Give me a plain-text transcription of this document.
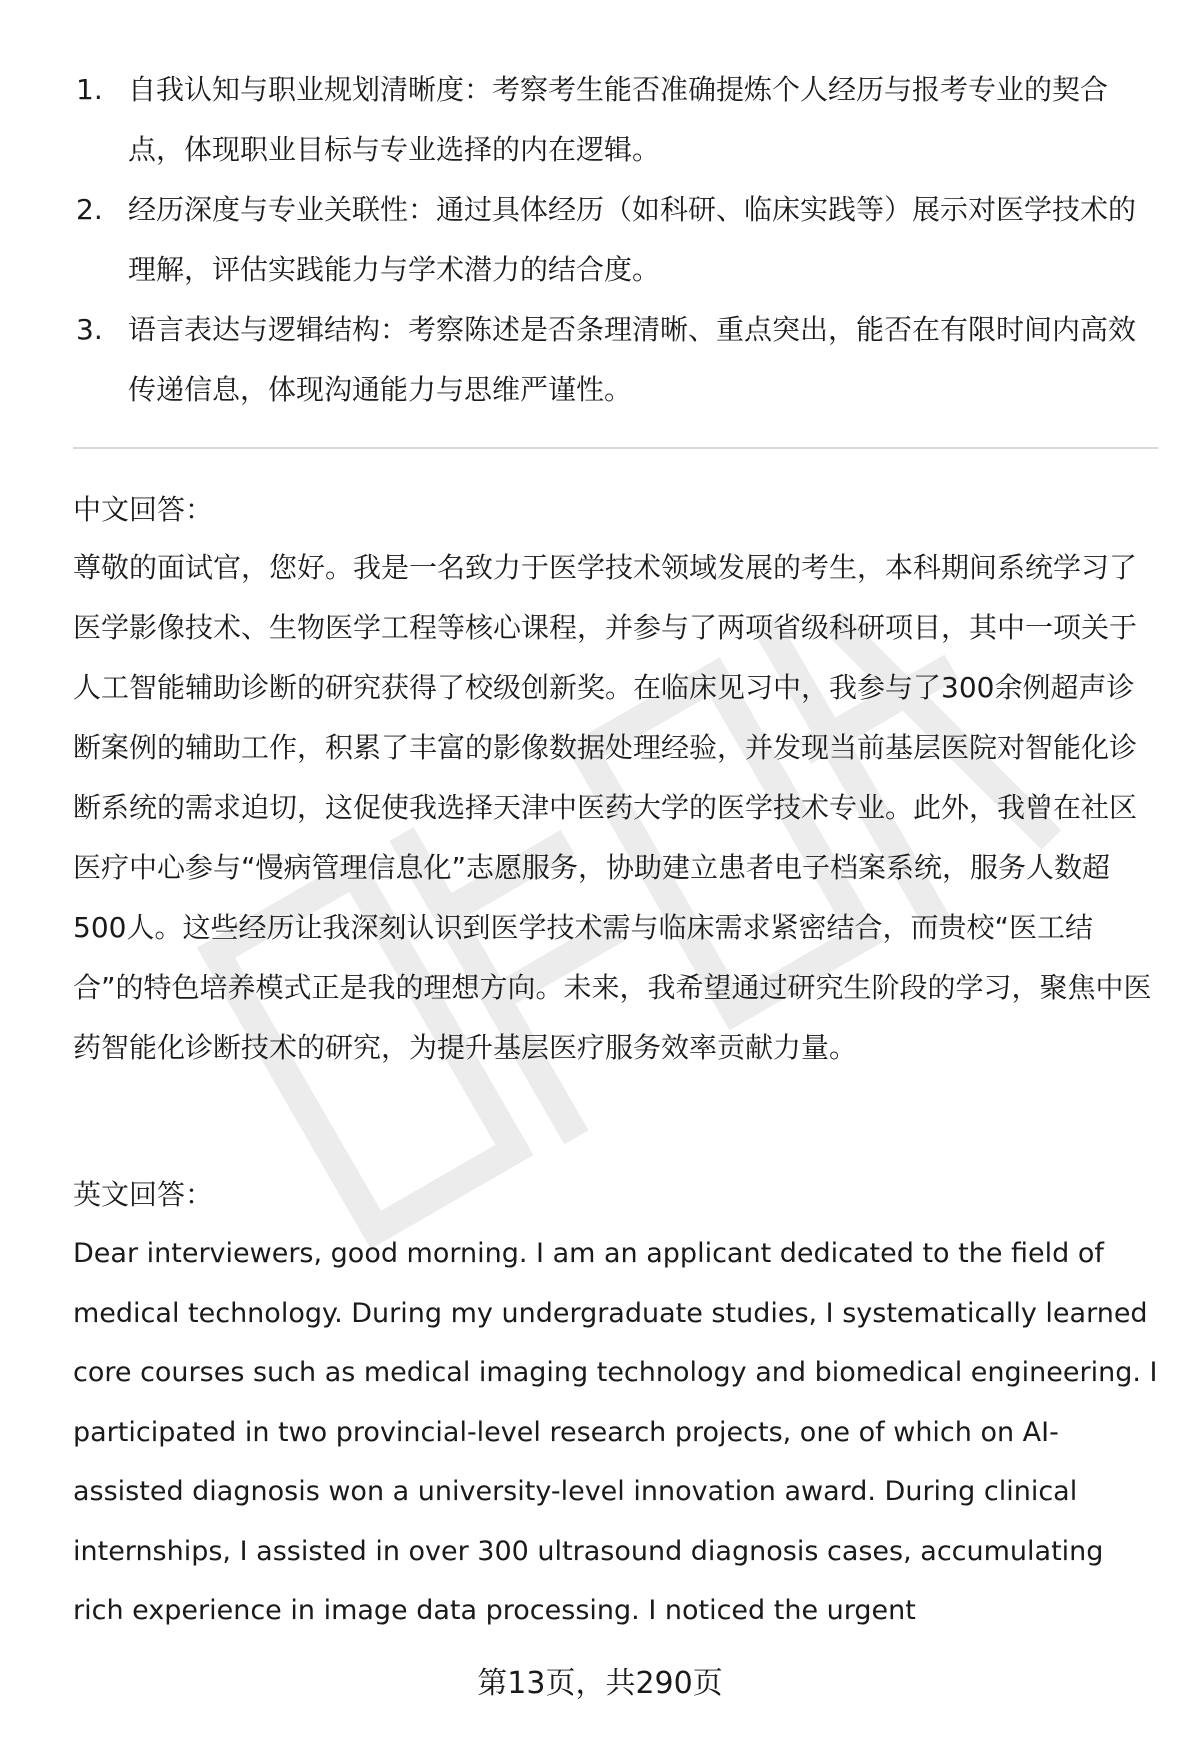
1. 自我认知与职业规划清晰度：考察考生能否准确提炼个人经历与报考专业的契合点，体现职业目标与专业选择的内在逻辑。
2. 经历深度与专业关联性：通过具体经历（如科研、临床实践等）展示对医学技术的理解，评估实践能力与学术潜力的结合度。
3. 语言表达与逻辑结构：考察陈述是否条理清晰、重点突出，能否在有限时间内高效传递信息，体现沟通能力与思维严谨性。
中文回答：

尊敬的面试官，您好。我是一名致力于医学技术领域发展的考生，本科期间系统学习了医学影像技术、生物医学工程等核心课程，并参与了两项省级科研项目，其中一项关于人工智能辅助诊断的研究获得了校级创新奖。在临床见习中，我参与了300余例超声诊断案例的辅助工作，积累了丰富的影像数据处理经验，并发现当前基层医院对智能化诊断系统的需求迫切，这促使我选择天津中医药大学的医学技术专业。此外，我曾在社区医疗中心参与“慢病管理信息化”志愿服务，协助建立患者电子档案系统，服务人数超500人。这些经历让我深刻认识到医学技术需与临床需求紧密结合，而贵校“医工结合”的特色培养模式正是我的理想方向。未来，我希望通过研究生阶段的学习，聚焦中医药智能化诊断技术的研究，为提升基层医疗服务效率贡献力量。

英文回答：

Dear interviewers, good morning. I am an applicant dedicated to the field of medical technology. During my undergraduate studies, I systematically learned core courses such as medical imaging technology and biomedical engineering. I participated in two provincial-level research projects, one of which on AI-assisted diagnosis won a university-level innovation award. During clinical internships, I assisted in over 300 ultrasound diagnosis cases, accumulating rich experience in image data processing. I noticed the urgent

第13页，共290页
